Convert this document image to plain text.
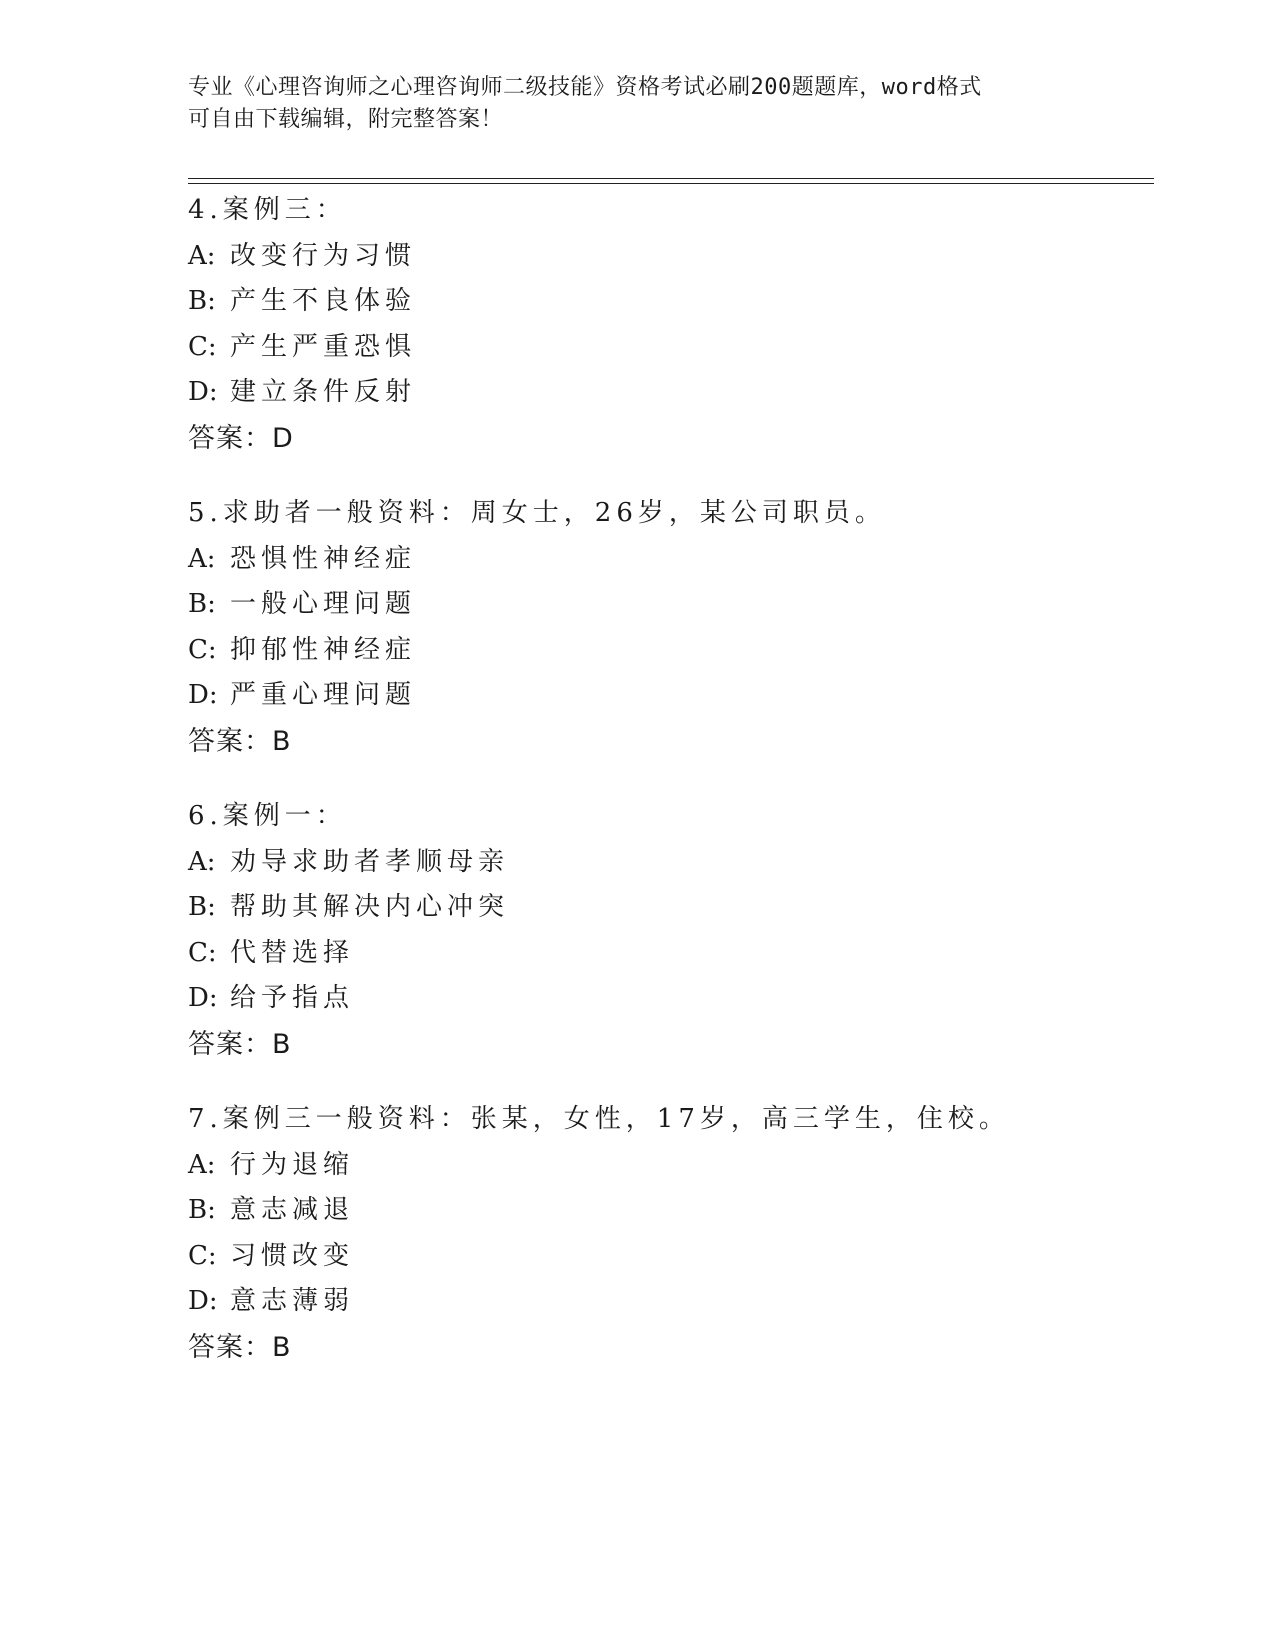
专业《心理咨询师之心理咨询师二级技能》资格考试必刷200题题库，word格式
可自由下载编辑，附完整答案！
4.案例三：
A: 改变行为习惯
B: 产生不良体验
C: 产生严重恐惧
D: 建立条件反射
答案：D
5.求助者一般资料：周女士，26岁，某公司职员。
A: 恐惧性神经症
B: 一般心理问题
C: 抑郁性神经症
D: 严重心理问题
答案：B
6.案例一：
A: 劝导求助者孝顺母亲
B: 帮助其解决内心冲突
C: 代替选择
D: 给予指点
答案：B
7.案例三一般资料：张某，女性，17岁，高三学生，住校。
A: 行为退缩
B: 意志减退
C: 习惯改变
D: 意志薄弱
答案：B
